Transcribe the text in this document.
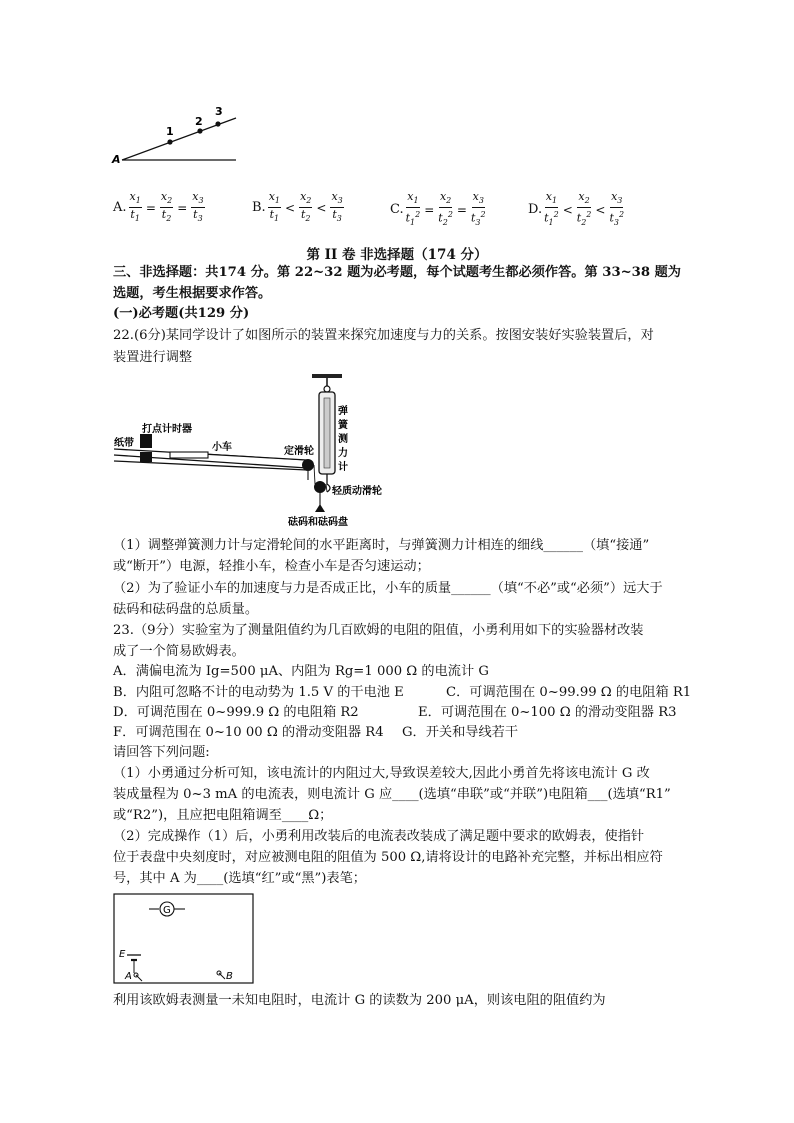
1
2
3
A
A. $\frac{x_1}{t_1} = \frac{x_2}{t_2} = \frac{x_3}{t_3}$	B. $\frac{x_1}{t_1} < \frac{x_2}{t_2} < \frac{x_3}{t_3}$	C. $\frac{x_1}{t_1^2} = \frac{x_2}{t_2^2} = \frac{x_3}{t_3^2}$	D. $\frac{x_1}{t_1^2} < \frac{x_2}{t_2^2} < \frac{x_3}{t_3^2}$
第 II 卷 非选择题（174 分）
三、非选择题：共174 分。第 22~32 题为必考题，每个试题考生都必须作答。第 33~38 题为
选题，考生根据要求作答。
(一)必考题(共129 分)
22.(6分)某同学设计了如图所示的装置来探究加速度与力的关系。按图安装好实验装置后，对
装置进行调整
弹
簧
测
力
计
纸带
打点计时器
小车	定滑轮
轻质动滑轮
砝码和砝码盘
（1）调整弹簧测力计与定滑轮间的水平距离时，与弹簧测力计相连的细线______（填“接通”
或“断开”）电源，轻推小车，检查小车是否匀速运动；
（2）为了验证小车的加速度与力是否成正比，小车的质量______（填“不必”或“必须”）远大于
砝码和砝码盘的总质量。
23.（9分）实验室为了测量阻值约为几百欧姆的电阻的阻值，小勇利用如下的实验器材改装
成了一个简易欧姆表。
A．满偏电流为 Ig=500 μA、内阻为 Rg=1 000 Ω 的电流计 G
B．内阻可忽略不计的电动势为 1.5 V 的干电池 E	C．可调范围在 0~99.99 Ω 的电阻箱 R1
D．可调范围在 0~999.9 Ω 的电阻箱 R2	E．可调范围在 0~100 Ω 的滑动变阻器 R3
F．可调范围在 0~10 00 Ω 的滑动变阻器 R4 G．开关和导线若干
请回答下列问题:
（1）小勇通过分析可知，该电流计的内阻过大,导致误差较大,因此小勇首先将该电流计 G 改
装成量程为 0~3 mA 的电流表，则电流计 G 应____(选填“串联”或“并联”)电阻箱___(选填“R1”
或“R2”)，且应把电阻箱调至____Ω；
（2）完成操作（1）后，小勇利用改装后的电流表改装成了满足题中要求的欧姆表，使指针
位于表盘中央刻度时，对应被测电阻的阻值为 500 Ω,请将设计的电路补充完整，并标出相应符
号，其中 A 为____(选填“红”或“黑”)表笔；
G
E
A	B
利用该欧姆表测量一未知电阻时，电流计 G 的读数为 200 μA，则该电阻的阻值约为
